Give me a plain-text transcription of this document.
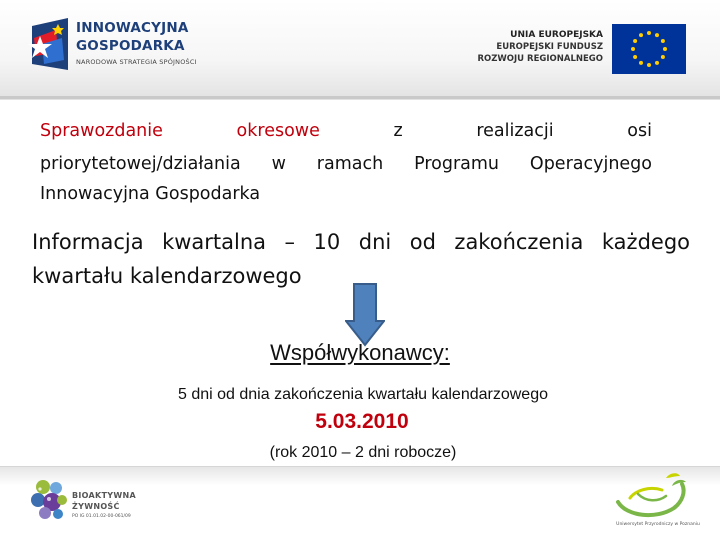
INNOWACYJNA
GOSPODARKA
NARODOWA STRATEGIA SPÓJNOŚCI
UNIA EUROPEJSKA
EUROPEJSKI FUNDUSZ
ROZWOJU REGIONALNEGO
Sprawozdanie	okresowe	z	realizacji	osi
priorytetowej/działania w ramach Programu Operacyjnego
Innowacyjna Gospodarka
Informacja kwartalna – 10 dni od zakończenia każdego
kwartału kalendarzowego
Współwykonawcy:
5 dni od dnia zakończenia kwartału kalendarzowego
5.03.2010
(rok 2010 – 2 dni robocze)
BIOAKTYWNA
ŻYWNOŚĆ
PO IG 01.01.02-00-061/09
Uniwersytet Przyrodniczy w Poznaniu
